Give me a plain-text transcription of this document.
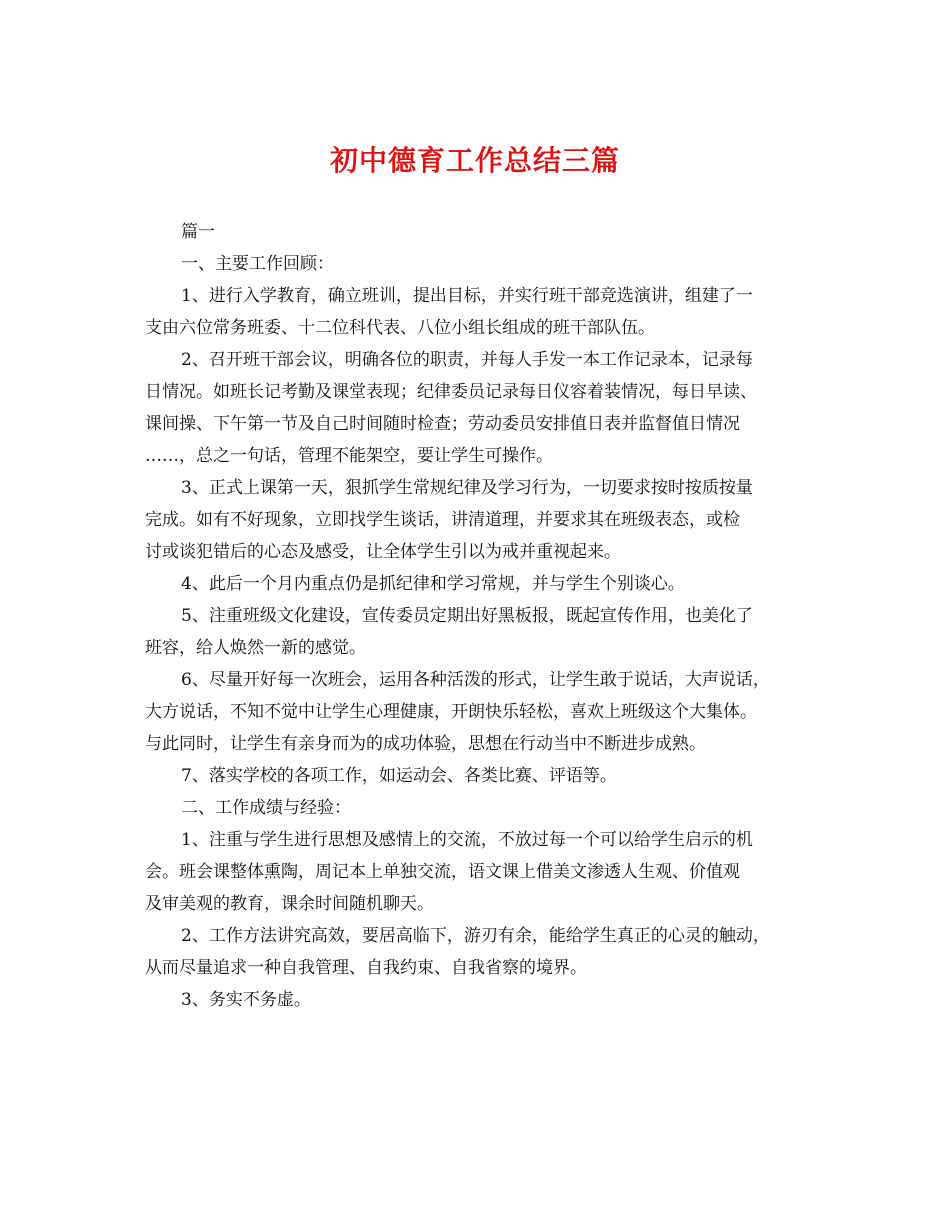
初中德育工作总结三篇
篇一
一、主要工作回顾：
1、进行入学教育，确立班训，提出目标，并实行班干部竞选演讲，组建了一
支由六位常务班委、十二位科代表、八位小组长组成的班干部队伍。
2、召开班干部会议，明确各位的职责，并每人手发一本工作记录本，记录每
日情况。如班长记考勤及课堂表现；纪律委员记录每日仪容着装情况，每日早读、
课间操、下午第一节及自己时间随时检查；劳动委员安排值日表并监督值日情况
……，总之一句话，管理不能架空，要让学生可操作。
3、正式上课第一天，狠抓学生常规纪律及学习行为，一切要求按时按质按量
完成。如有不好现象，立即找学生谈话，讲清道理，并要求其在班级表态，或检
讨或谈犯错后的心态及感受，让全体学生引以为戒并重视起来。
4、此后一个月内重点仍是抓纪律和学习常规，并与学生个别谈心。
5、注重班级文化建设，宣传委员定期出好黑板报，既起宣传作用，也美化了
班容，给人焕然一新的感觉。
6、尽量开好每一次班会，运用各种活泼的形式，让学生敢于说话，大声说话，
大方说话，不知不觉中让学生心理健康，开朗快乐轻松，喜欢上班级这个大集体。
与此同时，让学生有亲身而为的成功体验，思想在行动当中不断进步成熟。
7、落实学校的各项工作，如运动会、各类比赛、评语等。
二、工作成绩与经验：
1、注重与学生进行思想及感情上的交流，不放过每一个可以给学生启示的机
会。班会课整体熏陶，周记本上单独交流，语文课上借美文渗透人生观、价值观
及审美观的教育，课余时间随机聊天。
2、工作方法讲究高效，要居高临下，游刃有余，能给学生真正的心灵的触动，
从而尽量追求一种自我管理、自我约束、自我省察的境界。
3、务实不务虚。
